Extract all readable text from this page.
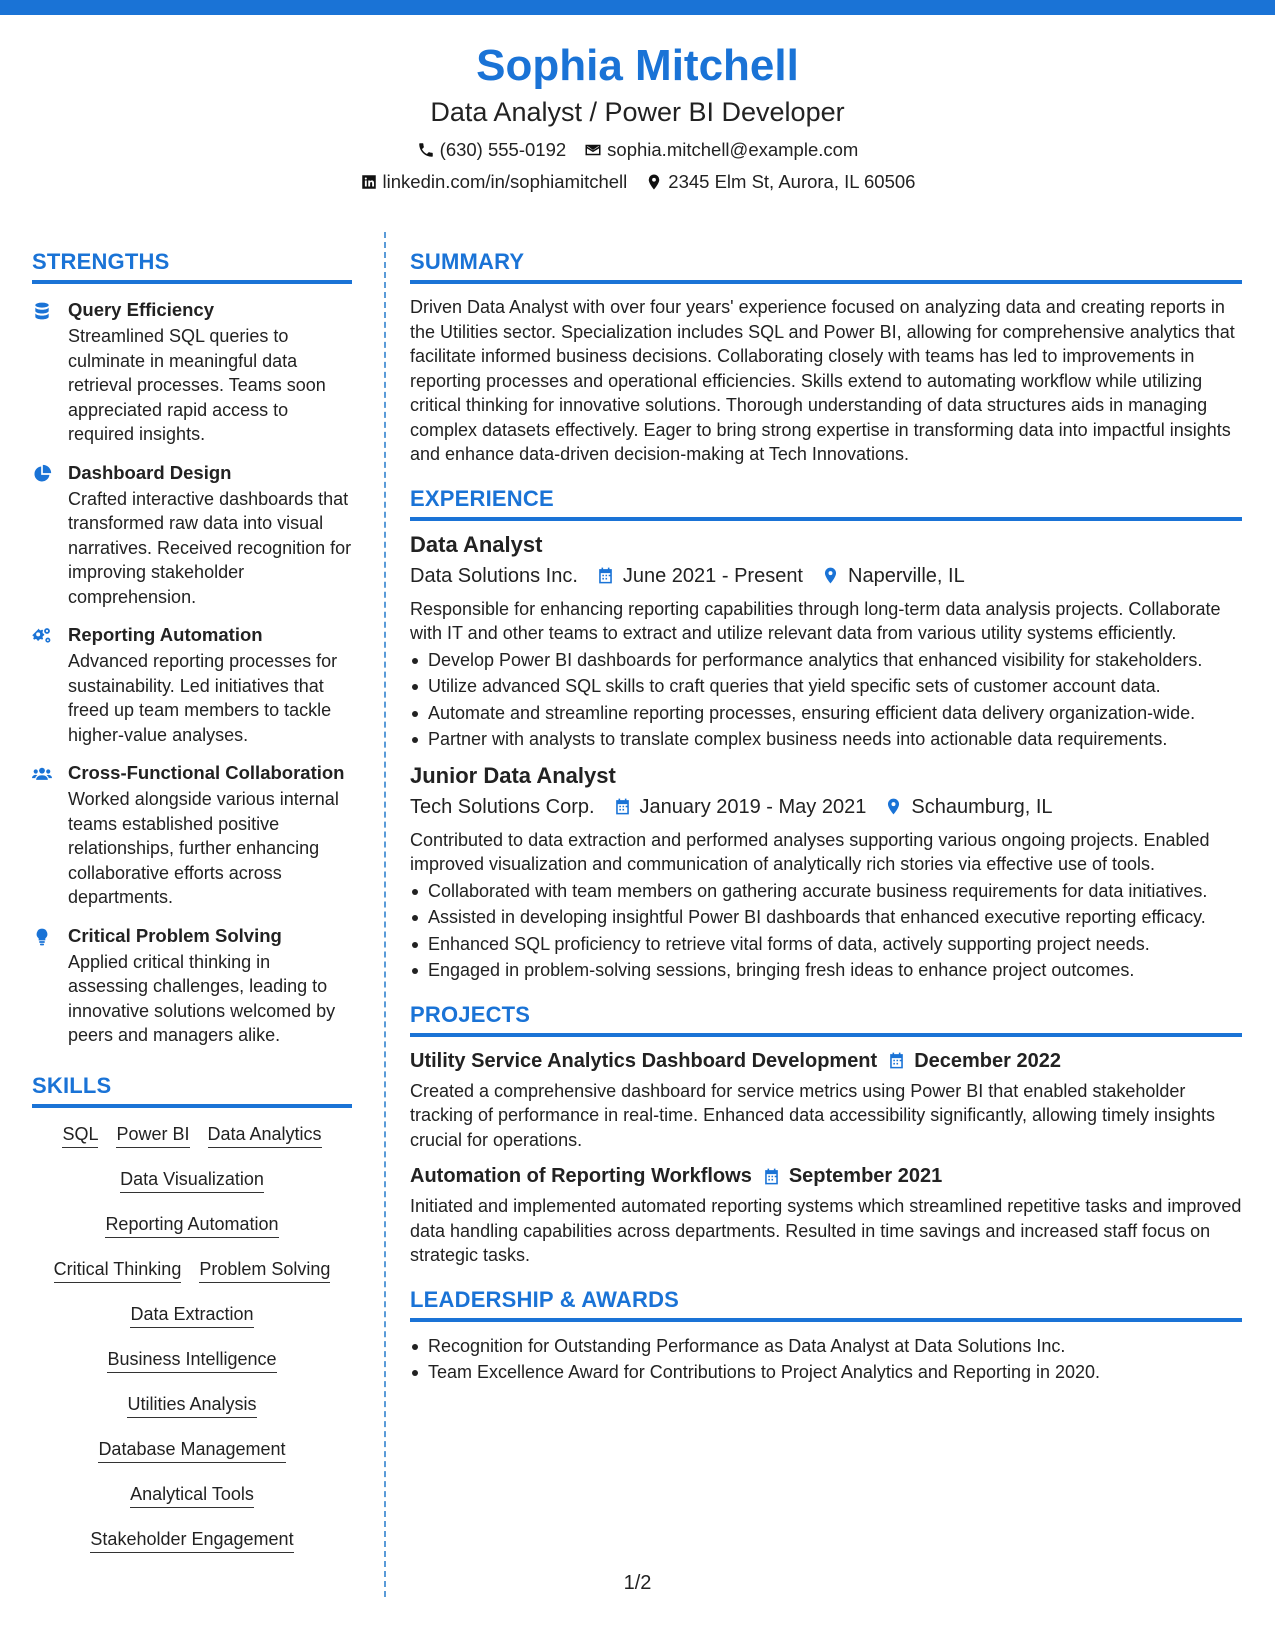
Sophia Mitchell
Data Analyst / Power BI Developer
(630) 555-0192 sophia.mitchell@example.com
linkedin.com/in/sophiamitchell 2345 Elm St, Aurora, IL 60506
STRENGTHS
Query Efficiency
Streamlined SQL queries to culminate in meaningful data retrieval processes. Teams soon appreciated rapid access to required insights.
Dashboard Design
Crafted interactive dashboards that transformed raw data into visual narratives. Received recognition for improving stakeholder comprehension.
Reporting Automation
Advanced reporting processes for sustainability. Led initiatives that freed up team members to tackle higher-value analyses.
Cross-Functional Collaboration
Worked alongside various internal teams established positive relationships, further enhancing collaborative efforts across departments.
Critical Problem Solving
Applied critical thinking in assessing challenges, leading to innovative solutions welcomed by peers and managers alike.
SKILLS
SQL Power BI Data Analytics
Data Visualization
Reporting Automation
Critical Thinking Problem Solving
Data Extraction
Business Intelligence
Utilities Analysis
Database Management
Analytical Tools
Stakeholder Engagement
SUMMARY
Driven Data Analyst with over four years' experience focused on analyzing data and creating reports in the Utilities sector. Specialization includes SQL and Power BI, allowing for comprehensive analytics that facilitate informed business decisions. Collaborating closely with teams has led to improvements in reporting processes and operational efficiencies. Skills extend to automating workflow while utilizing critical thinking for innovative solutions. Thorough understanding of data structures aids in managing complex datasets effectively. Eager to bring strong expertise in transforming data into impactful insights and enhance data-driven decision-making at Tech Innovations.
EXPERIENCE
Data Analyst
Data Solutions Inc. June 2021 - Present Naperville, IL
Responsible for enhancing reporting capabilities through long-term data analysis projects. Collaborate with IT and other teams to extract and utilize relevant data from various utility systems efficiently.
Develop Power BI dashboards for performance analytics that enhanced visibility for stakeholders.
Utilize advanced SQL skills to craft queries that yield specific sets of customer account data.
Automate and streamline reporting processes, ensuring efficient data delivery organization-wide.
Partner with analysts to translate complex business needs into actionable data requirements.
Junior Data Analyst
Tech Solutions Corp. January 2019 - May 2021 Schaumburg, IL
Contributed to data extraction and performed analyses supporting various ongoing projects. Enabled improved visualization and communication of analytically rich stories via effective use of tools.
Collaborated with team members on gathering accurate business requirements for data initiatives.
Assisted in developing insightful Power BI dashboards that enhanced executive reporting efficacy.
Enhanced SQL proficiency to retrieve vital forms of data, actively supporting project needs.
Engaged in problem-solving sessions, bringing fresh ideas to enhance project outcomes.
PROJECTS
Utility Service Analytics Dashboard Development December 2022
Created a comprehensive dashboard for service metrics using Power BI that enabled stakeholder tracking of performance in real-time. Enhanced data accessibility significantly, allowing timely insights crucial for operations.
Automation of Reporting Workflows September 2021
Initiated and implemented automated reporting systems which streamlined repetitive tasks and improved data handling capabilities across departments. Resulted in time savings and increased staff focus on strategic tasks.
LEADERSHIP & AWARDS
Recognition for Outstanding Performance as Data Analyst at Data Solutions Inc.
Team Excellence Award for Contributions to Project Analytics and Reporting in 2020.
1/2
